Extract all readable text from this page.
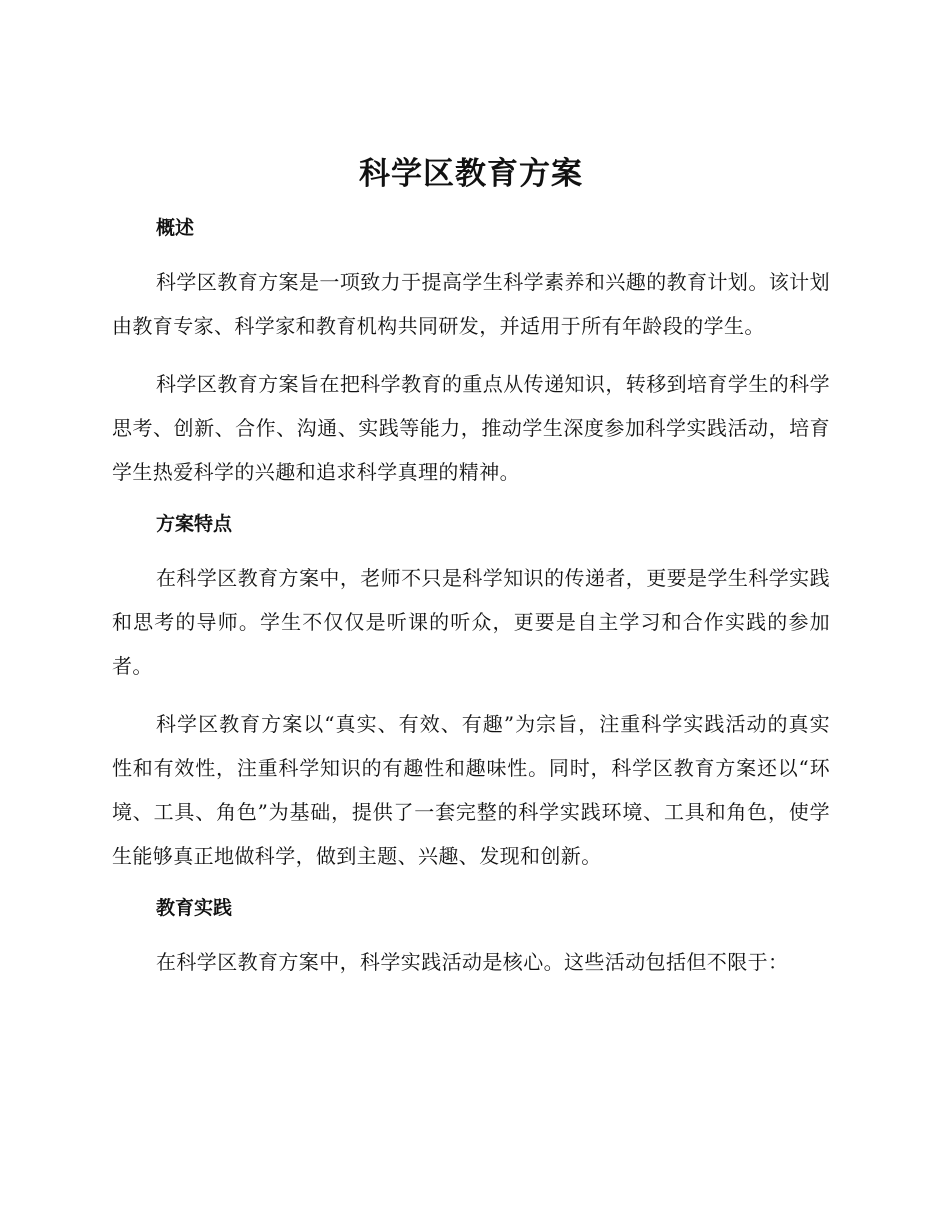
科学区教育方案
概述

科学区教育方案是一项致力于提高学生科学素养和兴趣的教育计划。该计划由教育专家、科学家和教育机构共同研发，并适用于所有年龄段的学生。

科学区教育方案旨在把科学教育的重点从传递知识，转移到培育学生的科学思考、创新、合作、沟通、实践等能力，推动学生深度参加科学实践活动，培育学生热爱科学的兴趣和追求科学真理的精神。

方案特点

在科学区教育方案中，老师不只是科学知识的传递者，更要是学生科学实践和思考的导师。学生不仅仅是听课的听众，更要是自主学习和合作实践的参加者。

科学区教育方案以“真实、有效、有趣”为宗旨，注重科学实践活动的真实性和有效性，注重科学知识的有趣性和趣味性。同时，科学区教育方案还以“环境、工具、角色”为基础，提供了一套完整的科学实践环境、工具和角色，使学生能够真正地做科学，做到主题、兴趣、发现和创新。

教育实践

在科学区教育方案中，科学实践活动是核心。这些活动包括但不限于：
